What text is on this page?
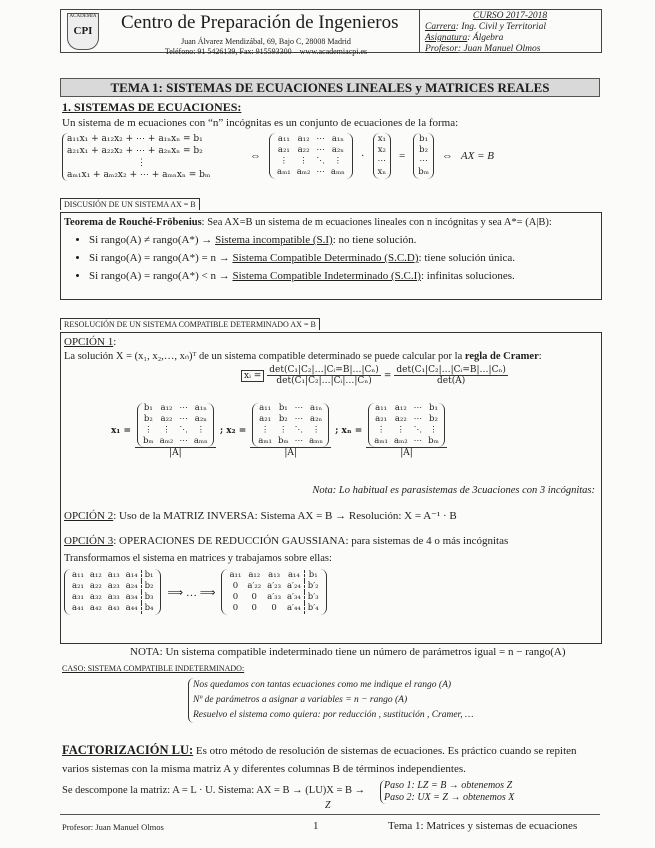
ACADEMIA
CPI Centro de Preparación de Ingenieros
Juan Álvarez Mendizábal, 69, Bajo C, 28008 Madrid
Teléfono: 91 5426139, Fax: 915593300 – www.academiacpi.es
CURSO 2017-2018
Carrera: Ing. Civil y Territorial
Asignatura: Álgebra
Profesor: Juan Manuel Olmos
TEMA 1: SISTEMAS DE ECUACIONES LINEALES y MATRICES REALES
1. SISTEMAS DE ECUACIONES:
Un sistema de m ecuaciones con “n” incógnitas es un conjunto de ecuaciones de la forma:
a₁₁x₁ + a₁₂x₂ + ⋯ + a₁ₙxₙ = b₁
a₂₁x₁ + a₂₂x₂ + ⋯ + a₂ₙxₙ = b₂
⋮
aₘ₁x₁ + aₘ₂x₂ + ⋯ + aₘₙxₙ = bₘ
⇔
a₁₁	a₁₂	⋯	a₁ₙ
a₂₁	a₂₂	⋯	a₂ₙ
⋮	⋮	⋱	⋮
aₘ₁	aₘ₂	⋯	aₘₙ
·
x₁
x₂
⋯
xₙ
=
b₁
b₂
⋯
bₘ
⇔ AX = B
DISCUSIÓN DE UN SISTEMA AX = B
Teorema de Rouché-Fröbenius: Sea AX=B un sistema de m ecuaciones lineales con n incógnitas y sea A*= (A|B):
• Si rango(A) ≠ rango(A*) → Sistema incompatible (S.I): no tiene solución.
• Si rango(A) = rango(A*) = n → Sistema Compatible Determinado (S.C.D): tiene solución única.
• Si rango(A) = rango(A*) < n → Sistema Compatible Indeterminado (S.C.I): infinitas soluciones.
RESOLUCIÓN DE UN SISTEMA COMPATIBLE DETERMINADO AX = B
OPCIÓN 1:
La solución X = (x₁, x₂,…, xₙ)ᵀ de un sistema compatible determinado se puede calcular por la regla de Cramer:
xᵢ = $\frac{\text{det(C₁|C₂|…|Cᵢ=B|…|Cₙ)}}{\text{det(C₁|C₂|…|Cᵢ|…|Cₙ)}} = \frac{\text{det(C₁|C₂|…|Cᵢ=B|…|Cₙ)}}{\det(A)}$
x₁ = b₁	a₁₂	⋯	a₁ₙ
b₂	a₂₂	⋯	a₂ₙ
⋮	⋮	⋱	⋮
bₘ	aₘ₂	⋯	aₘₙ
|A| ; x₂ = a₁₁	b₁	⋯	a₁ₙ
a₂₁	b₂	⋯	a₂ₙ
⋮	⋮	⋱	⋮
aₘ₁	bₘ	⋯	aₘₙ
|A| ; xₙ = a₁₁	a₁₂	⋯	b₁
a₂₁	a₂₂	⋯	b₂
⋮	⋮	⋱	⋮
aₘ₁	aₘ₂	⋯	bₘ
|A|
Nota: Lo habitual es parasistemas de 3cuaciones con 3 incógnitas:
OPCIÓN 2: Uso de la MATRIZ INVERSA: Sistema AX = B → Resolución: X = A⁻¹ · B
OPCIÓN 3: OPERACIONES DE REDUCCIÓN GAUSSIANA: para sistemas de 4 o más incógnitas
Transformamos el sistema en matrices y trabajamos sobre ellas:
a₁₁	a₁₂	a₁₃	a₁₄	b₁
a₂₁	a₂₂	a₂₃	a₂₄	b₂
a₃₁	a₃₂	a₃₃	a₃₄	b₃
a₄₁	a₄₂	a₄₃	a₄₄	b₄
⟹ … ⟹
a₁₁	a₁₂	a₁₃	a₁₄	b₁
0	a′₂₂	a′₂₃	a′₂₄	b′₂
0	0	a′₃₃	a′₃₄	b′₃
0	0	0	a′₄₄	b′₄
NOTA: Un sistema compatible indeterminado tiene un número de parámetros igual = n − rango(A)
CASO: SISTEMA COMPATIBLE INDETERMINADO:
Nos quedamos con tantas ecuaciones como me indique el rango (A)
Nº de parámetros a asignar a variables = n − rango (A)
Resuelvo el sistema como quiera: por reducción , sustitución , Cramer, …
FACTORIZACIÓN LU: Es otro método de resolución de sistemas de ecuaciones. Es práctico cuando se repiten
varios sistemas con la misma matriz A y diferentes columnas B de términos independientes.
Se descompone la matriz: A = L · U. Sistema: AX = B → (LU)X = B → Paso 1: LZ = B → obtenemos Z
Paso 2: UX = Z → obtenemos X
Z
Profesor: Juan Manuel Olmos	1	Tema 1: Matrices y sistemas de ecuaciones
